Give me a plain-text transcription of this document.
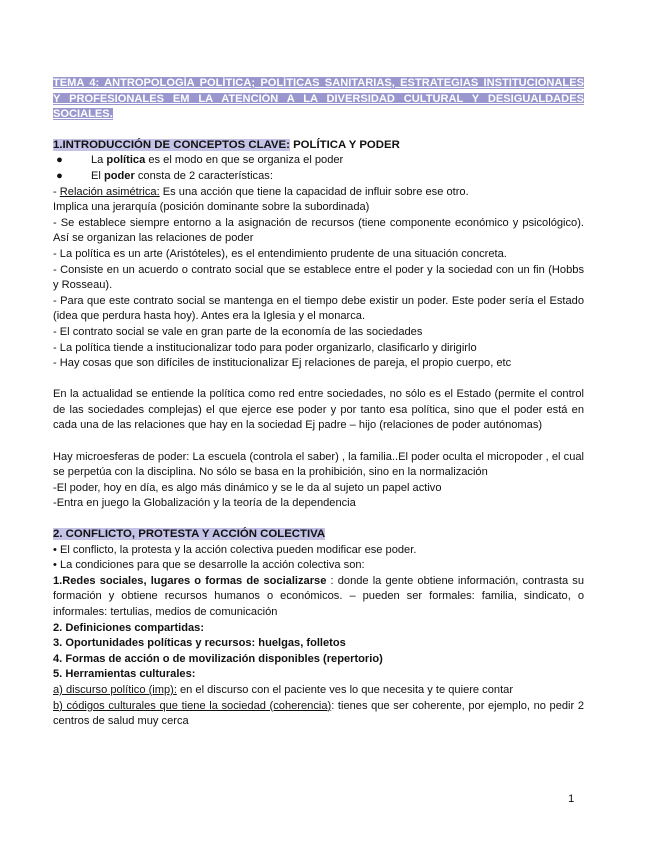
TEMA 4: ANTROPOLOGÍA POLÍTICA; POLÍTICAS SANITARIAS, ESTRATEGIAS INSTITUCIONALES Y PROFESIONALES EM LA ATENCIÓN A LA DIVERSIDAD CULTURAL Y DESIGUALDADES SOCIALES.

1.INTRODUCCIÓN DE CONCEPTOS CLAVE: POLÍTICA Y PODER

●	La política es el modo en que se organiza el poder
●	El poder consta de 2 características:

- Relación asimétrica: Es una acción que tiene la capacidad de influir sobre ese otro.

Implica una jerarquía (posición dominante sobre la subordinada)

- Se establece siempre entorno a la asignación de recursos (tiene componente económico y psicológico). Así se organizan las relaciones de poder

- La política es un arte (Aristóteles), es el entendimiento prudente de una situación concreta.

- Consiste en un acuerdo o contrato social que se establece entre el poder y la sociedad con un fin (Hobbs y Rosseau).

- Para que este contrato social se mantenga en el tiempo debe existir un poder. Este poder sería el Estado (idea que perdura hasta hoy). Antes era la Iglesia y el monarca.

- El contrato social se vale en gran parte de la economía de las sociedades

- La política tiende a institucionalizar todo para poder organizarlo, clasificarlo y dirigirlo

- Hay cosas que son difíciles de institucionalizar Ej relaciones de pareja, el propio cuerpo, etc

En la actualidad se entiende la política como red entre sociedades, no sólo es el Estado (permite el control de las sociedades complejas) el que ejerce ese poder y por tanto esa política, sino que el poder está en cada una de las relaciones que hay en la sociedad Ej padre – hijo (relaciones de poder autónomas)

Hay microesferas de poder: La escuela (controla el saber) , la familia..El poder oculta el micropoder , el cual se perpetúa con la disciplina. No sólo se basa en la prohibición, sino en la normalización

-El poder, hoy en día, es algo más dinámico y se le da al sujeto un papel activo

-Entra en juego la Globalización y la teoría de la dependencia

2. CONFLICTO, PROTESTA Y ACCIÓN COLECTIVA

• El conflicto, la protesta y la acción colectiva pueden modificar ese poder.

• La condiciones para que se desarrolle la acción colectiva son:

1.Redes sociales, lugares o formas de socializarse : donde la gente obtiene información, contrasta su formación y obtiene recursos humanos o económicos. – pueden ser formales: familia, sindicato, o informales: tertulias, medios de comunicación

2. Definiciones compartidas:

3. Oportunidades políticas y recursos: huelgas, folletos

4. Formas de acción o de movilización disponibles (repertorio)

5. Herramientas culturales:

a) discurso político (imp): en el discurso con el paciente ves lo que necesita y te quiere contar

b) códigos culturales que tiene la sociedad (coherencia): tienes que ser coherente, por ejemplo, no pedir 2 centros de salud muy cerca

1
